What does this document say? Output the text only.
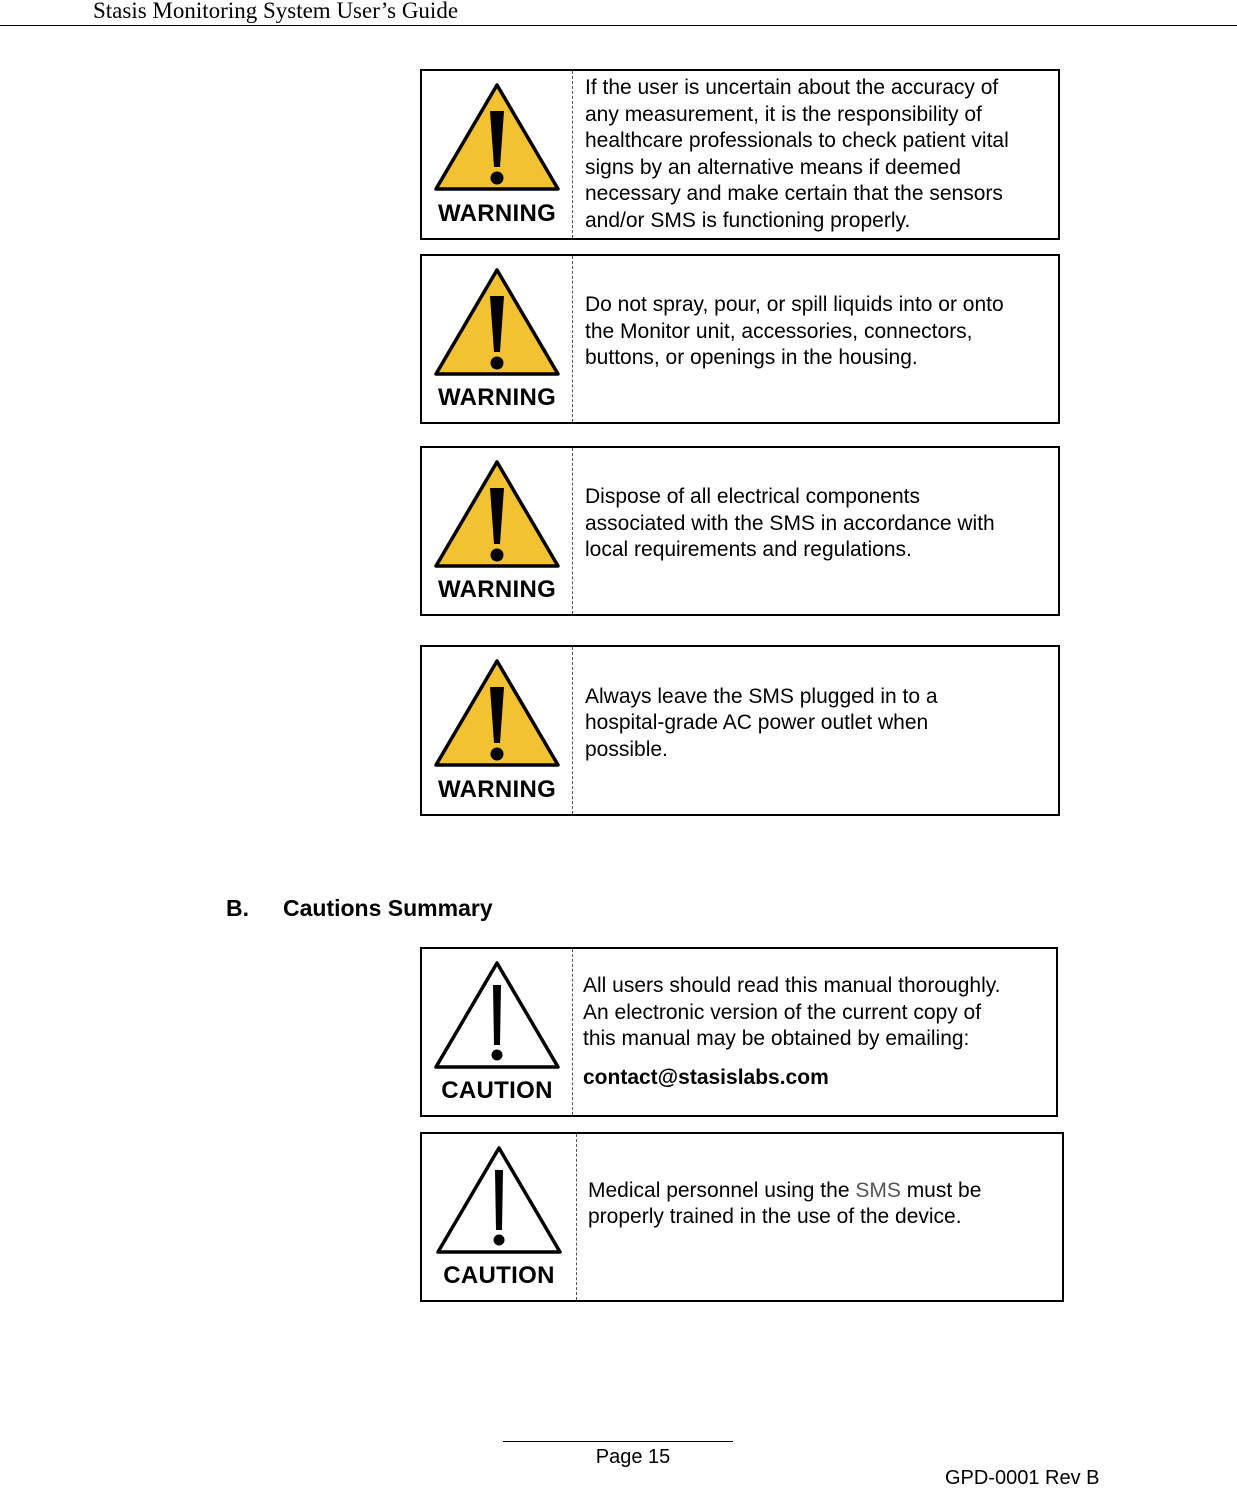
Stasis Monitoring System User’s Guide
WARNING
If the user is uncertain about the accuracy of
any measurement, it is the responsibility of
healthcare professionals to check patient vital
signs by an alternative means if deemed
necessary and make certain that the sensors
and/or SMS is functioning properly.
WARNING
Do not spray, pour, or spill liquids into or onto
the Monitor unit, accessories, connectors,
buttons, or openings in the housing.
WARNING
Dispose of all electrical components
associated with the SMS in accordance with
local requirements and regulations.
WARNING
Always leave the SMS plugged in to a
hospital-grade AC power outlet when
possible.
B. Cautions Summary
CAUTION
All users should read this manual thoroughly.
An electronic version of the current copy of
this manual may be obtained by emailing:
contact@stasislabs.com
CAUTION
Medical personnel using the SMS must be
properly trained in the use of the device.
Page 15
GPD-0001 Rev B
